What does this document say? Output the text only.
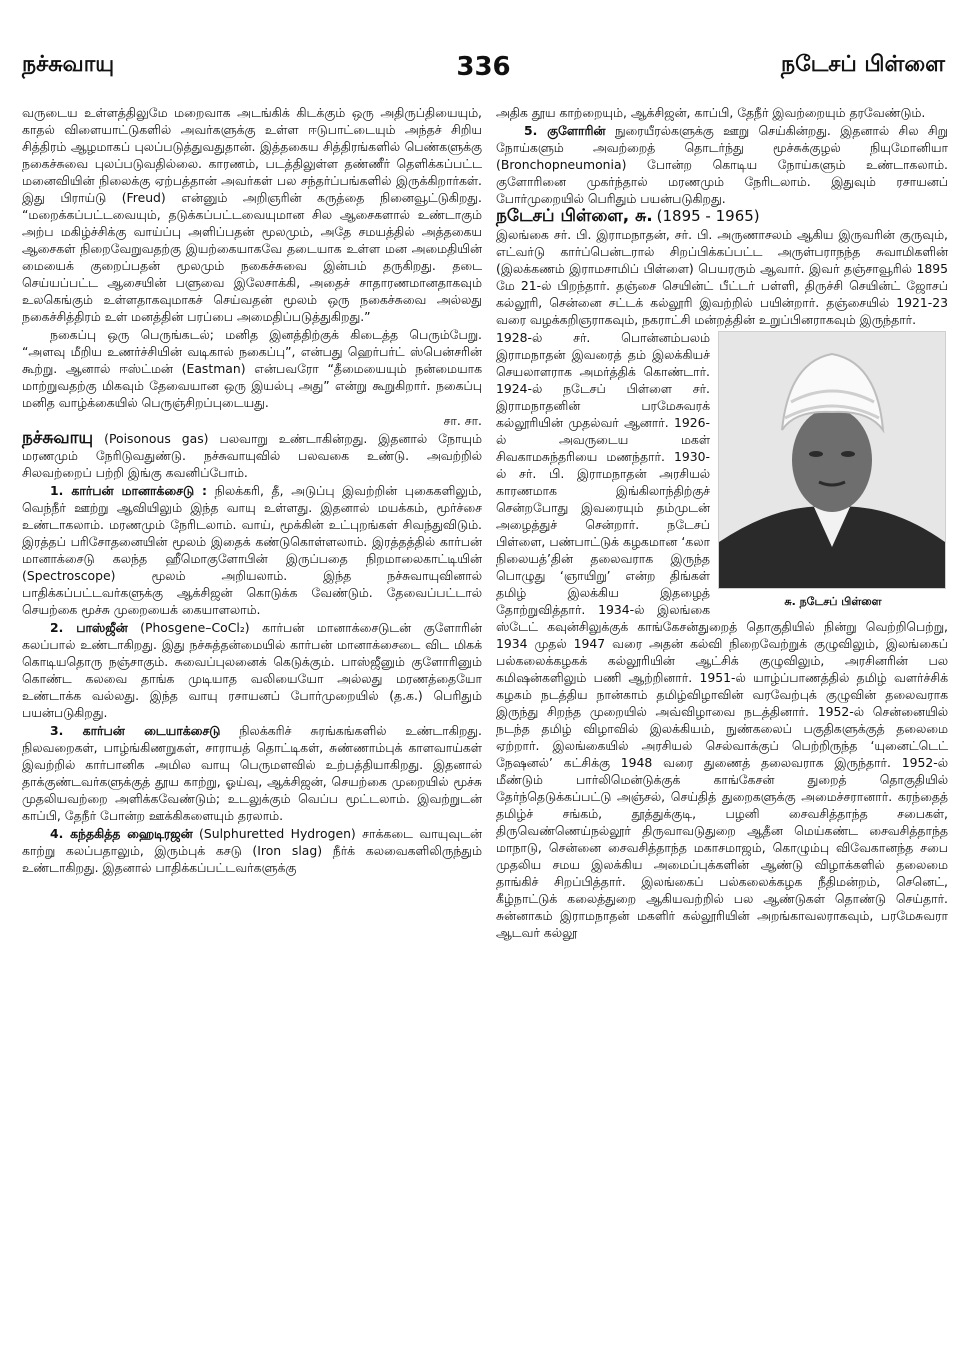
நச்சுவாயு	336	நடேசப் பிள்ளை

வருடைய உள்ளத்திலுமே மறைவாக அடங்கிக் கிடக்கும் ஒரு அதிருப்தியையும், காதல் விளையாட்டுகளில் அவர்களுக்கு உள்ள ஈடுபாட்டையும் அந்தச் சிறிய சித்திரம் ஆழமாகப் புலப்படுத்துவதுதான். இத்தகைய சித்திரங்களில் பெண்களுக்கு நகைச்சுவை புலப்படுவதில்லை. காரணம், படத்திலுள்ள தண்ணீர் தெளிக்கப்பட்ட மனைவியின் நிலைக்கு ஏற்பத்தான் அவர்கள் பல சந்தர்ப்பங்களில் இருக்கிறார்கள். இது பிராய்டு (Freud) என்னும் அறிஞரின் கருத்தை நினைவூட்டுகிறது. “மறைக்கப்பட்டவையும், தடுக்கப்பட்டவையுமான சில ஆசைகளால் உண்டாகும் அற்ப மகிழ்ச்சிக்கு வாய்ப்பு அளிப்பதன் மூலமும், அதே சமயத்தில் அத்தகைய ஆசைகள் நிறைவேறுவதற்கு இயற்கையாகவே தடையாக உள்ள மன அமைதியின் மையைக் குறைப்பதன் மூலமும் நகைச்சுவை இன்பம் தருகிறது. தடை செய்யப்பட்ட ஆசையின் பளுவை இலேசாக்கி, அதைச் சாதாரணமானதாகவும் உலகெங்கும் உள்ளதாகவுமாகச் செய்வதன் மூலம் ஒரு நகைச்சுவை அல்லது நகைச்சித்திரம் உள் மனத்தின் பரப்பை அமைதிப்படுத்துகிறது.”

நகைப்பு ஒரு பெருங்கடல்; மனித இனத்திற்குக் கிடைத்த பெரும்பேறு. “அளவு மீறிய உணர்ச்சியின் வடிகால் நகைப்பு”, என்பது ஹெர்பர்ட் ஸ்பென்சரின் கூற்று. ஆனால் ஈஸ்ட்மன் (Eastman) என்பவரோ “தீமையையும் நன்மையாக மாற்றுவதற்கு மிகவும் தேவையான ஒரு இயல்பு அது” என்று கூறுகிறார். நகைப்பு மனித வாழ்க்கையில் பெருஞ்சிறப்புடையது.

சா. சா.

நச்சுவாயு (Poisonous gas) பலவாறு உண்டாகின்றது. இதனால் நோயும் மரணமும் நேரிடுவதுண்டு. நச்சுவாயுவில் பலவகை உண்டு. அவற்றில் சிலவற்றைப் பற்றி இங்கு கவனிப்போம்.

1. கார்பன் மானாக்சைடு : நிலக்கரி, தீ, அடுப்பு இவற்றின் புகைகளிலும், வெந்நீர் ஊற்று ஆவியிலும் இந்த வாயு உள்ளது. இதனால் மயக்கம், மூர்ச்சை உண்டாகலாம். மரணமும் நேரிடலாம். வாய், மூக்கின் உட்புறங்கள் சிவந்துவிடும். இரத்தப் பரிசோதனையின் மூலம் இதைக் கண்டுகொள்ளலாம். இரத்தத்தில் கார்பன் மானாக்சைடு கலந்த ஹீமொகுளோபின் இருப்பதை நிறமாலைகாட்டியின் (Spectroscope) மூலம் அறியலாம். இந்த நச்சுவாயுவினால் பாதிக்கப்பட்டவர்களுக்கு ஆக்சிஜன் கொடுக்க வேண்டும். தேவைப்பட்டால் செயற்கை மூச்சு முறையைக் கையாளலாம்.

2. பாஸ்ஜீன் (Phosgene–CoCl₂) கார்பன் மானாக்சைடுடன் குளோரின் கலப்பால் உண்டாகிறது. இது நச்சுத்தன்மையில் கார்பன் மானாக்சைடை விட மிகக் கொடியதொரு நஞ்சாகும். சுவைப்புலனைக் கெடுக்கும். பாஸ்ஜீனும் குளோரினும் கொண்ட கலவை தாங்க முடியாத வலியையோ அல்லது மரணத்தையோ உண்டாக்க வல்லது. இந்த வாயு ரசாயனப் போர்முறையில் (த.க.) பெரிதும் பயன்படுகிறது.

3. கார்பன் டையாக்சைடு நிலக்கரிச் சுரங்கங்களில் உண்டாகிறது. நிலவறைகள், பாழ்ங்கிணறுகள், சாராயத் தொட்டிகள், சுண்ணாம்புக் காளவாய்கள் இவற்றில் கார்பானிக அமில வாயு பெருமளவில் உற்பத்தியாகிறது. இதனால் தாக்குண்டவர்களுக்குத் தூய காற்று, ஓய்வு, ஆக்சிஜன், செயற்கை முறையில் மூச்சு முதலியவற்றை அளிக்கவேண்டும்; உடலுக்கும் வெப்ப மூட்டலாம். இவற்றுடன் காப்பி, தேநீர் போன்ற ஊக்கிகளையும் தரலாம்.

4. கந்தகித்த ஹைடிரஜன் (Sulphuretted Hydrogen) சாக்கடை வாயுவுடன் காற்று கலப்பதாலும், இரும்புக் கசடு (Iron slag) நீர்க் கலவைகளிலிருந்தும் உண்டாகிறது. இதனால் பாதிக்கப்பட்டவர்களுக்கு

அதிக தூய காற்றையும், ஆக்சிஜன், காப்பி, தேநீர் இவற்றையும் தரவேண்டும்.

5. குளோரின் நுரையீரல்களுக்கு ஊறு செய்கின்றது. இதனால் சில சிறு நோய்களும் அவற்றைத் தொடர்ந்து மூச்சுக்குழல் நியுமோனியா (Bronchopneumonia) போன்ற கொடிய நோய்களும் உண்டாகலாம். குளோரினை முகர்ந்தால் மரணமும் நேரிடலாம். இதுவும் ரசாயனப் போர்முறையில் பெரிதும் பயன்படுகிறது.

நடேசப் பிள்ளை, சு. (1895 - 1965)

இலங்கை சர். பி. இராமநாதன், சர். பி. அருணாசலம் ஆகிய இருவரின் குருவும், எட்வர்டு கார்ப்பென்டரால் சிறப்பிக்கப்பட்ட அருள்பராநந்த சுவாமிகளின் (இலக்கணம் இராமசாமிப் பிள்ளை) பெயரரும் ஆவார். இவர் தஞ்சாவூரில் 1895 மே 21-ல் பிறந்தார். தஞ்சை செயின்ட் பீட்டர் பள்ளி, திருச்சி செயின்ட் ஜோசப் கல்லூரி, சென்னை சட்டக் கல்லூரி இவற்றில் பயின்றார். தஞ்சையில் 1921-23 வரை வழக்கறிஞராகவும், நகராட்சி மன்றத்தின் உறுப்பினராகவும் இருந்தார்.

சு. நடேசப் பிள்ளை

1928-ல் சர். பொன்னம்பலம் இராமநாதன் இவரைத் தம் இலக்கியச் செயலாளராக அமர்த்திக் கொண்டார். 1924-ல் நடேசப் பிள்ளை சர். இராமநாதனின் பரமேசுவரக் கல்லூரியின் முதல்வர் ஆனார். 1926-ல் அவருடைய மகள் சிவகாமசுந்தரியை மணந்தார். 1930-ல் சர். பி. இராமநாதன் அரசியல் காரணமாக இங்கிலாந்திற்குச் சென்றபோது இவரையும் தம்முடன் அழைத்துச் சென்றார். நடேசப் பிள்ளை, பண்பாட்டுக் கழகமான ‘கலா நிலையத்’தின் தலைவராக இருந்த பொழுது ‘ஞாயிறு’ என்ற திங்கள் தமிழ் இலக்கிய இதழைத் தோற்றுவித்தார். 1934-ல் இலங்கை ஸ்டேட் கவுன்சிலுக்குக் காங்கேசன்துறைத் தொகுதியில் நின்று வெற்றிபெற்று, 1934 முதல் 1947 வரை அதன் கல்வி நிறைவேற்றுக் குழுவிலும், இலங்கைப் பல்கலைக்கழகக் கல்லூரியின் ஆட்சிக் குழுவிலும், அரசினரின் பல கமிஷன்களிலும் பணி ஆற்றினார். 1951-ல் யாழ்ப்பாணத்தில் தமிழ் வளர்ச்சிக் கழகம் நடத்திய நான்காம் தமிழ்விழாவின் வரவேற்புக் குழுவின் தலைவராக இருந்து சிறந்த முறையில் அவ்விழாவை நடத்தினார். 1952-ல் சென்னையில் நடந்த தமிழ் விழாவில் இலக்கியம், நுண்கலைப் பகுதிகளுக்குத் தலைமை ஏற்றார். இலங்கையில் அரசியல் செல்வாக்குப் பெற்றிருந்த ‘யுனைட்டெட் நேஷனல்’ கட்சிக்கு 1948 வரை துணைத் தலைவராக இருந்தார். 1952-ல் மீண்டும் பார்லிமென்டுக்குக் காங்கேசன் துறைத் தொகுதியில் தேர்ந்தெடுக்கப்பட்டு அஞ்சல், செய்தித் துறைகளுக்கு அமைச்சரானார். கரந்தைத் தமிழ்ச் சங்கம், தூத்துக்குடி, பழனி சைவசித்தாந்த சபைகள், திருவெண்ணெய்நல்லூர் திருவாவடுதுறை ஆதீன மெய்கண்ட சைவசித்தாந்த மாநாடு, சென்னை சைவசித்தாந்த மகாசமாஜம், கொழும்பு விவேகானந்த சபை முதலிய சமய இலக்கிய அமைப்புக்களின் ஆண்டு விழாக்களில் தலைமை தாங்கிச் சிறப்பித்தார். இலங்கைப் பல்கலைக்கழக நீதிமன்றம், செனெட், கீழ்நாட்டுக் கலைத்துறை ஆகியவற்றில் பல ஆண்டுகள் தொண்டு செய்தார். சுன்னாகம் இராமநாதன் மகளிர் கல்லூரியின் அறங்காவலராகவும், பரமேசுவரா ஆடவர் கல்லூ
